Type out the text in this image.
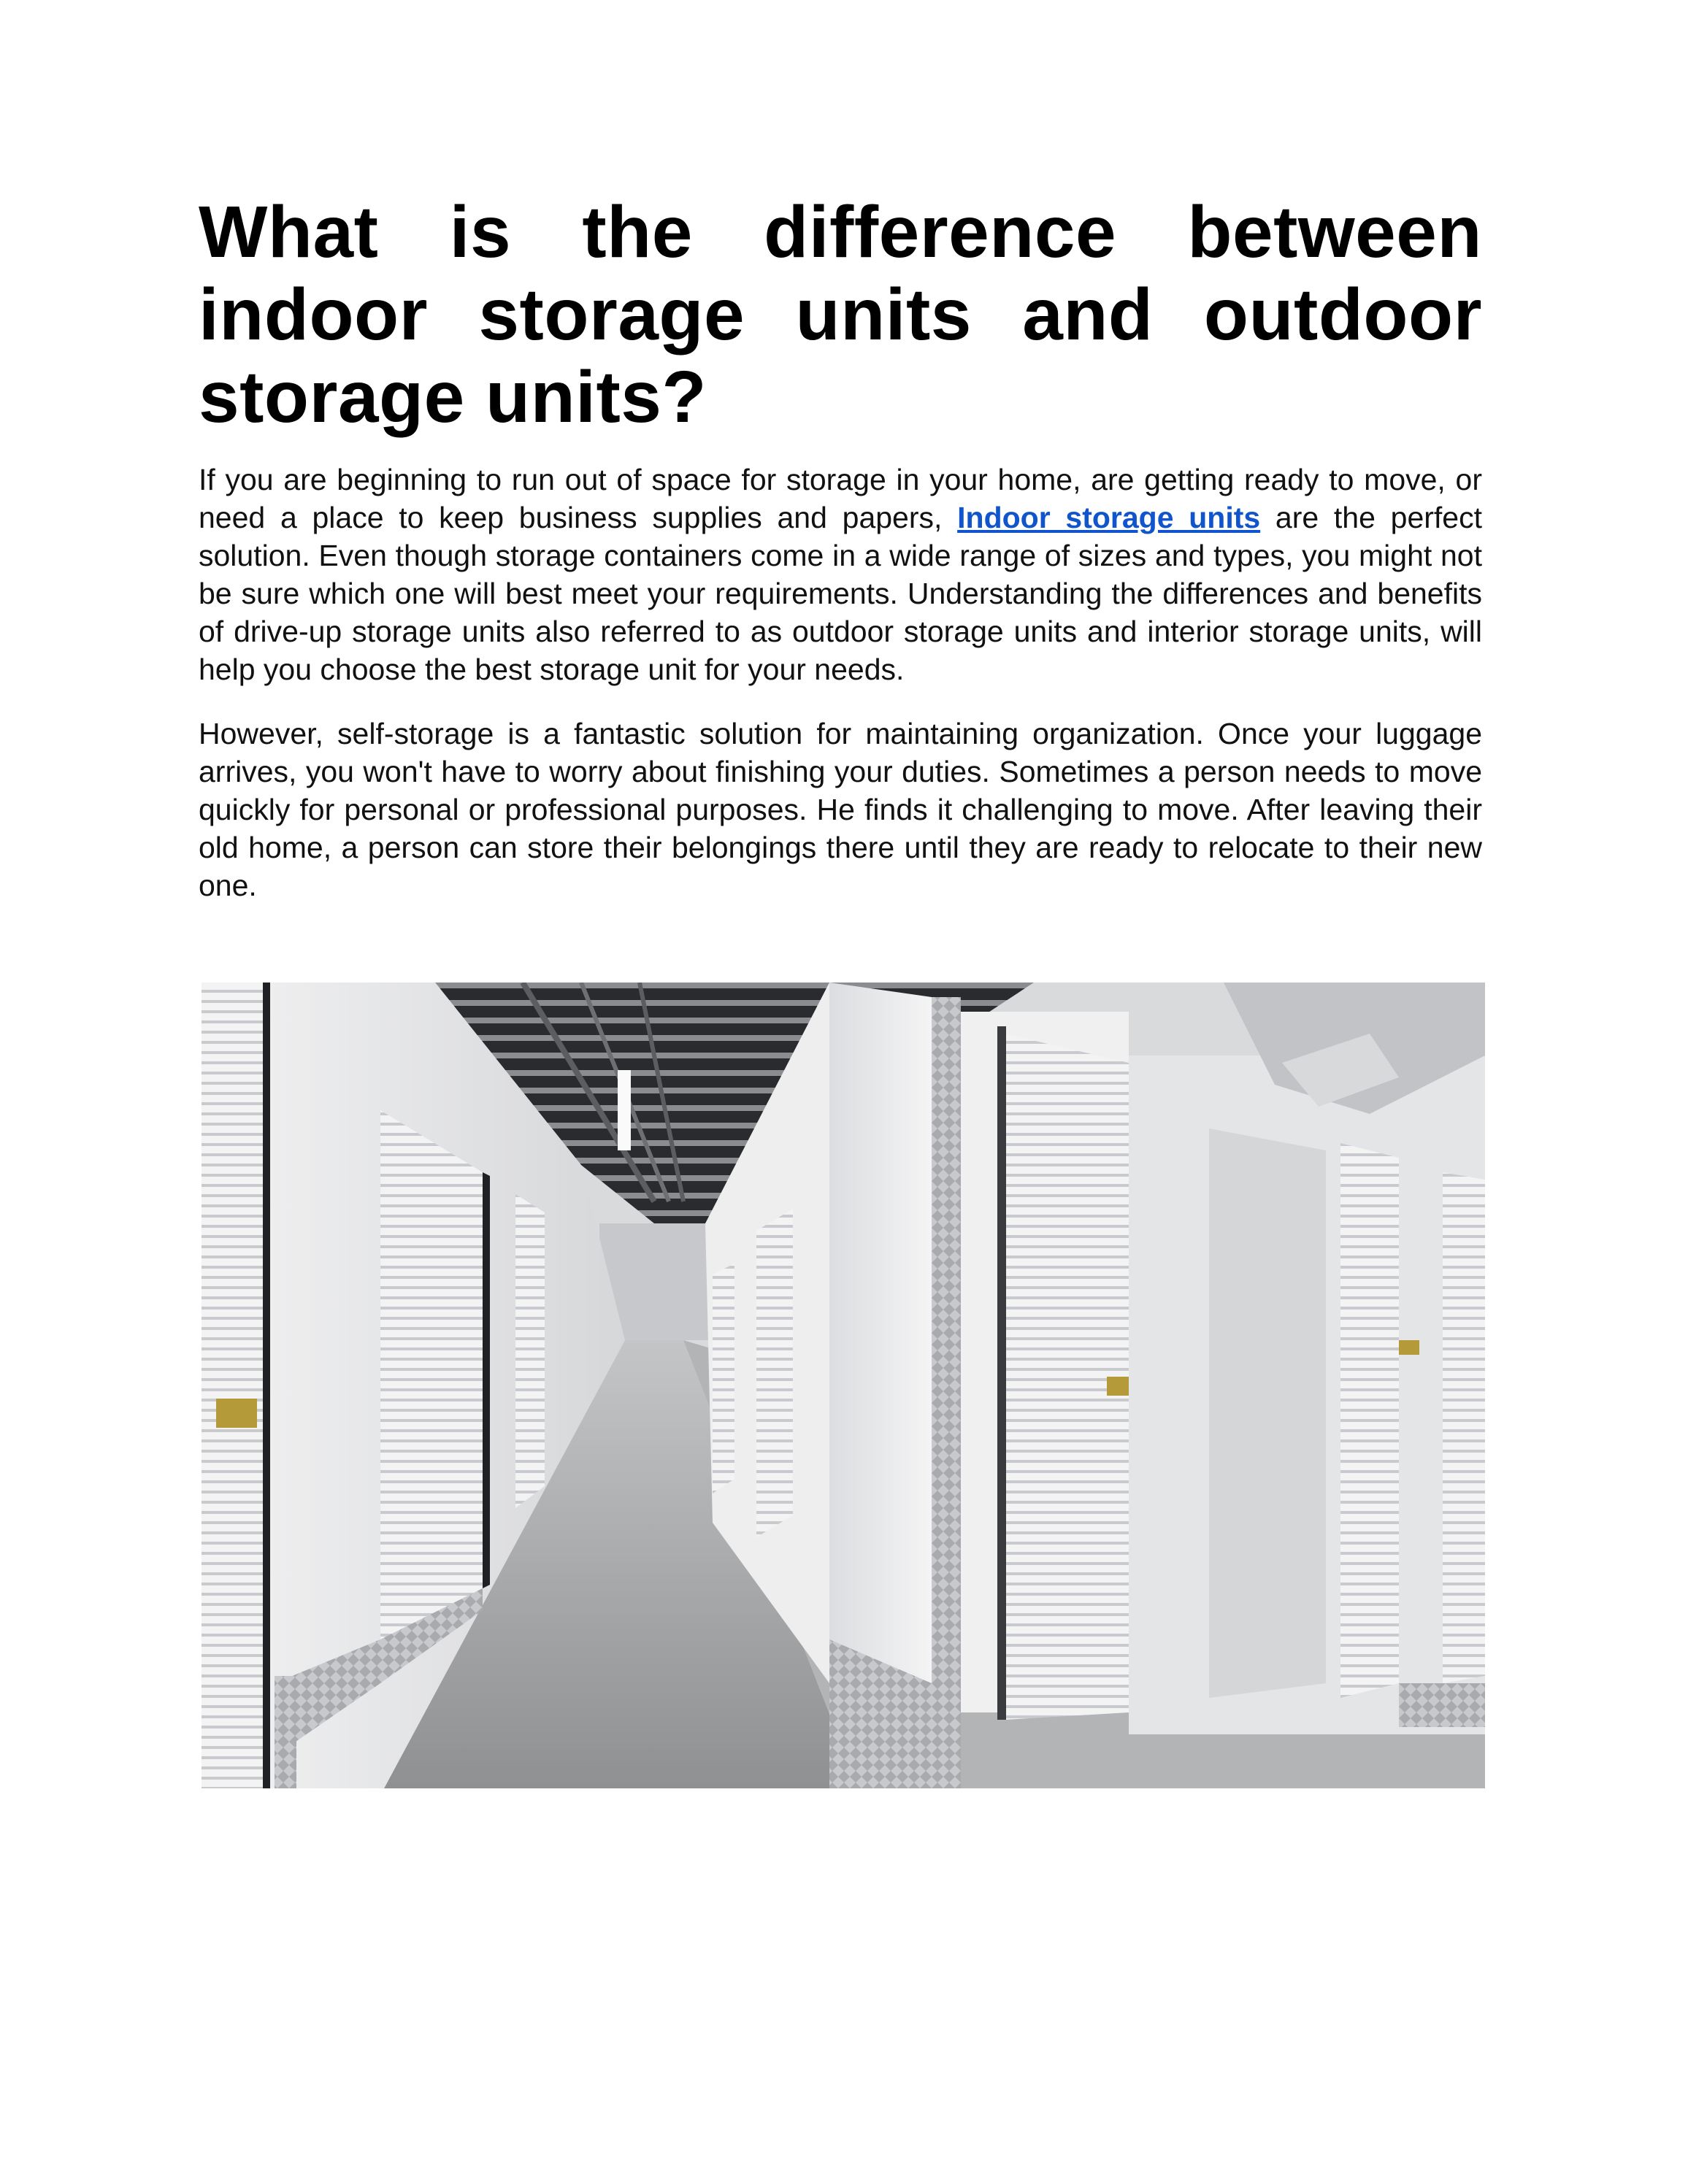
What is the difference between indoor storage units and outdoor storage units?

If you are beginning to run out of space for storage in your home, are getting ready to move, or need a place to keep business supplies and papers, Indoor storage units are the perfect solution. Even though storage containers come in a wide range of sizes and types, you might not be sure which one will best meet your requirements. Understanding the differences and benefits of drive-up storage units also referred to as outdoor storage units and interior storage units, will help you choose the best storage unit for your needs.

However, self-storage is a fantastic solution for maintaining organization. Once your luggage arrives, you won't have to worry about finishing your duties. Sometimes a person needs to move quickly for personal or professional purposes. He finds it challenging to move. After leaving their old home, a person can store their belongings there until they are ready to relocate to their new one.
